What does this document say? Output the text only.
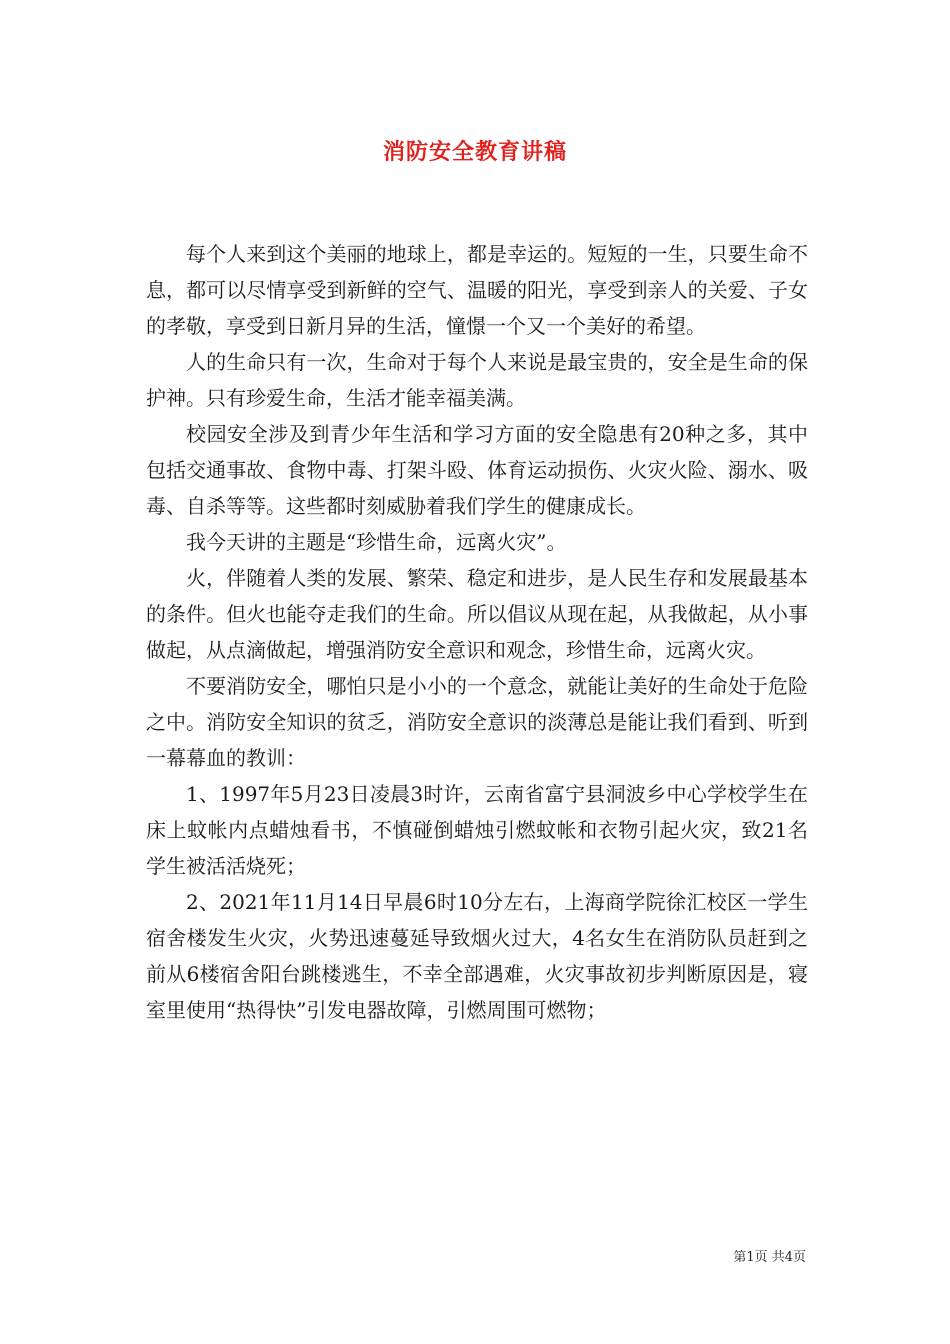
消防安全教育讲稿

每个人来到这个美丽的地球上，都是幸运的。短短的一生，只要生命不息，都可以尽情享受到新鲜的空气、温暖的阳光，享受到亲人的关爱、子女的孝敬，享受到日新月异的生活，憧憬一个又一个美好的希望。

人的生命只有一次，生命对于每个人来说是最宝贵的，安全是生命的保护神。只有珍爱生命，生活才能幸福美满。

校园安全涉及到青少年生活和学习方面的安全隐患有20种之多，其中包括交通事故、食物中毒、打架斗殴、体育运动损伤、火灾火险、溺水、吸毒、自杀等等。这些都时刻威胁着我们学生的健康成长。

我今天讲的主题是“珍惜生命，远离火灾”。

火，伴随着人类的发展、繁荣、稳定和进步，是人民生存和发展最基本的条件。但火也能夺走我们的生命。所以倡议从现在起，从我做起，从小事做起，从点滴做起，增强消防安全意识和观念，珍惜生命，远离火灾。

不要消防安全，哪怕只是小小的一个意念，就能让美好的生命处于危险之中。消防安全知识的贫乏，消防安全意识的淡薄总是能让我们看到、听到一幕幕血的教训：

1、1997年5月23日凌晨3时许，云南省富宁县洞波乡中心学校学生在床上蚊帐内点蜡烛看书，不慎碰倒蜡烛引燃蚊帐和衣物引起火灾，致21名学生被活活烧死；

2、2021年11月14日早晨6时10分左右，上海商学院徐汇校区一学生宿舍楼发生火灾，火势迅速蔓延导致烟火过大，4名女生在消防队员赶到之前从6楼宿舍阳台跳楼逃生，不幸全部遇难，火灾事故初步判断原因是，寝室里使用“热得快”引发电器故障，引燃周围可燃物；

第1页 共4页
